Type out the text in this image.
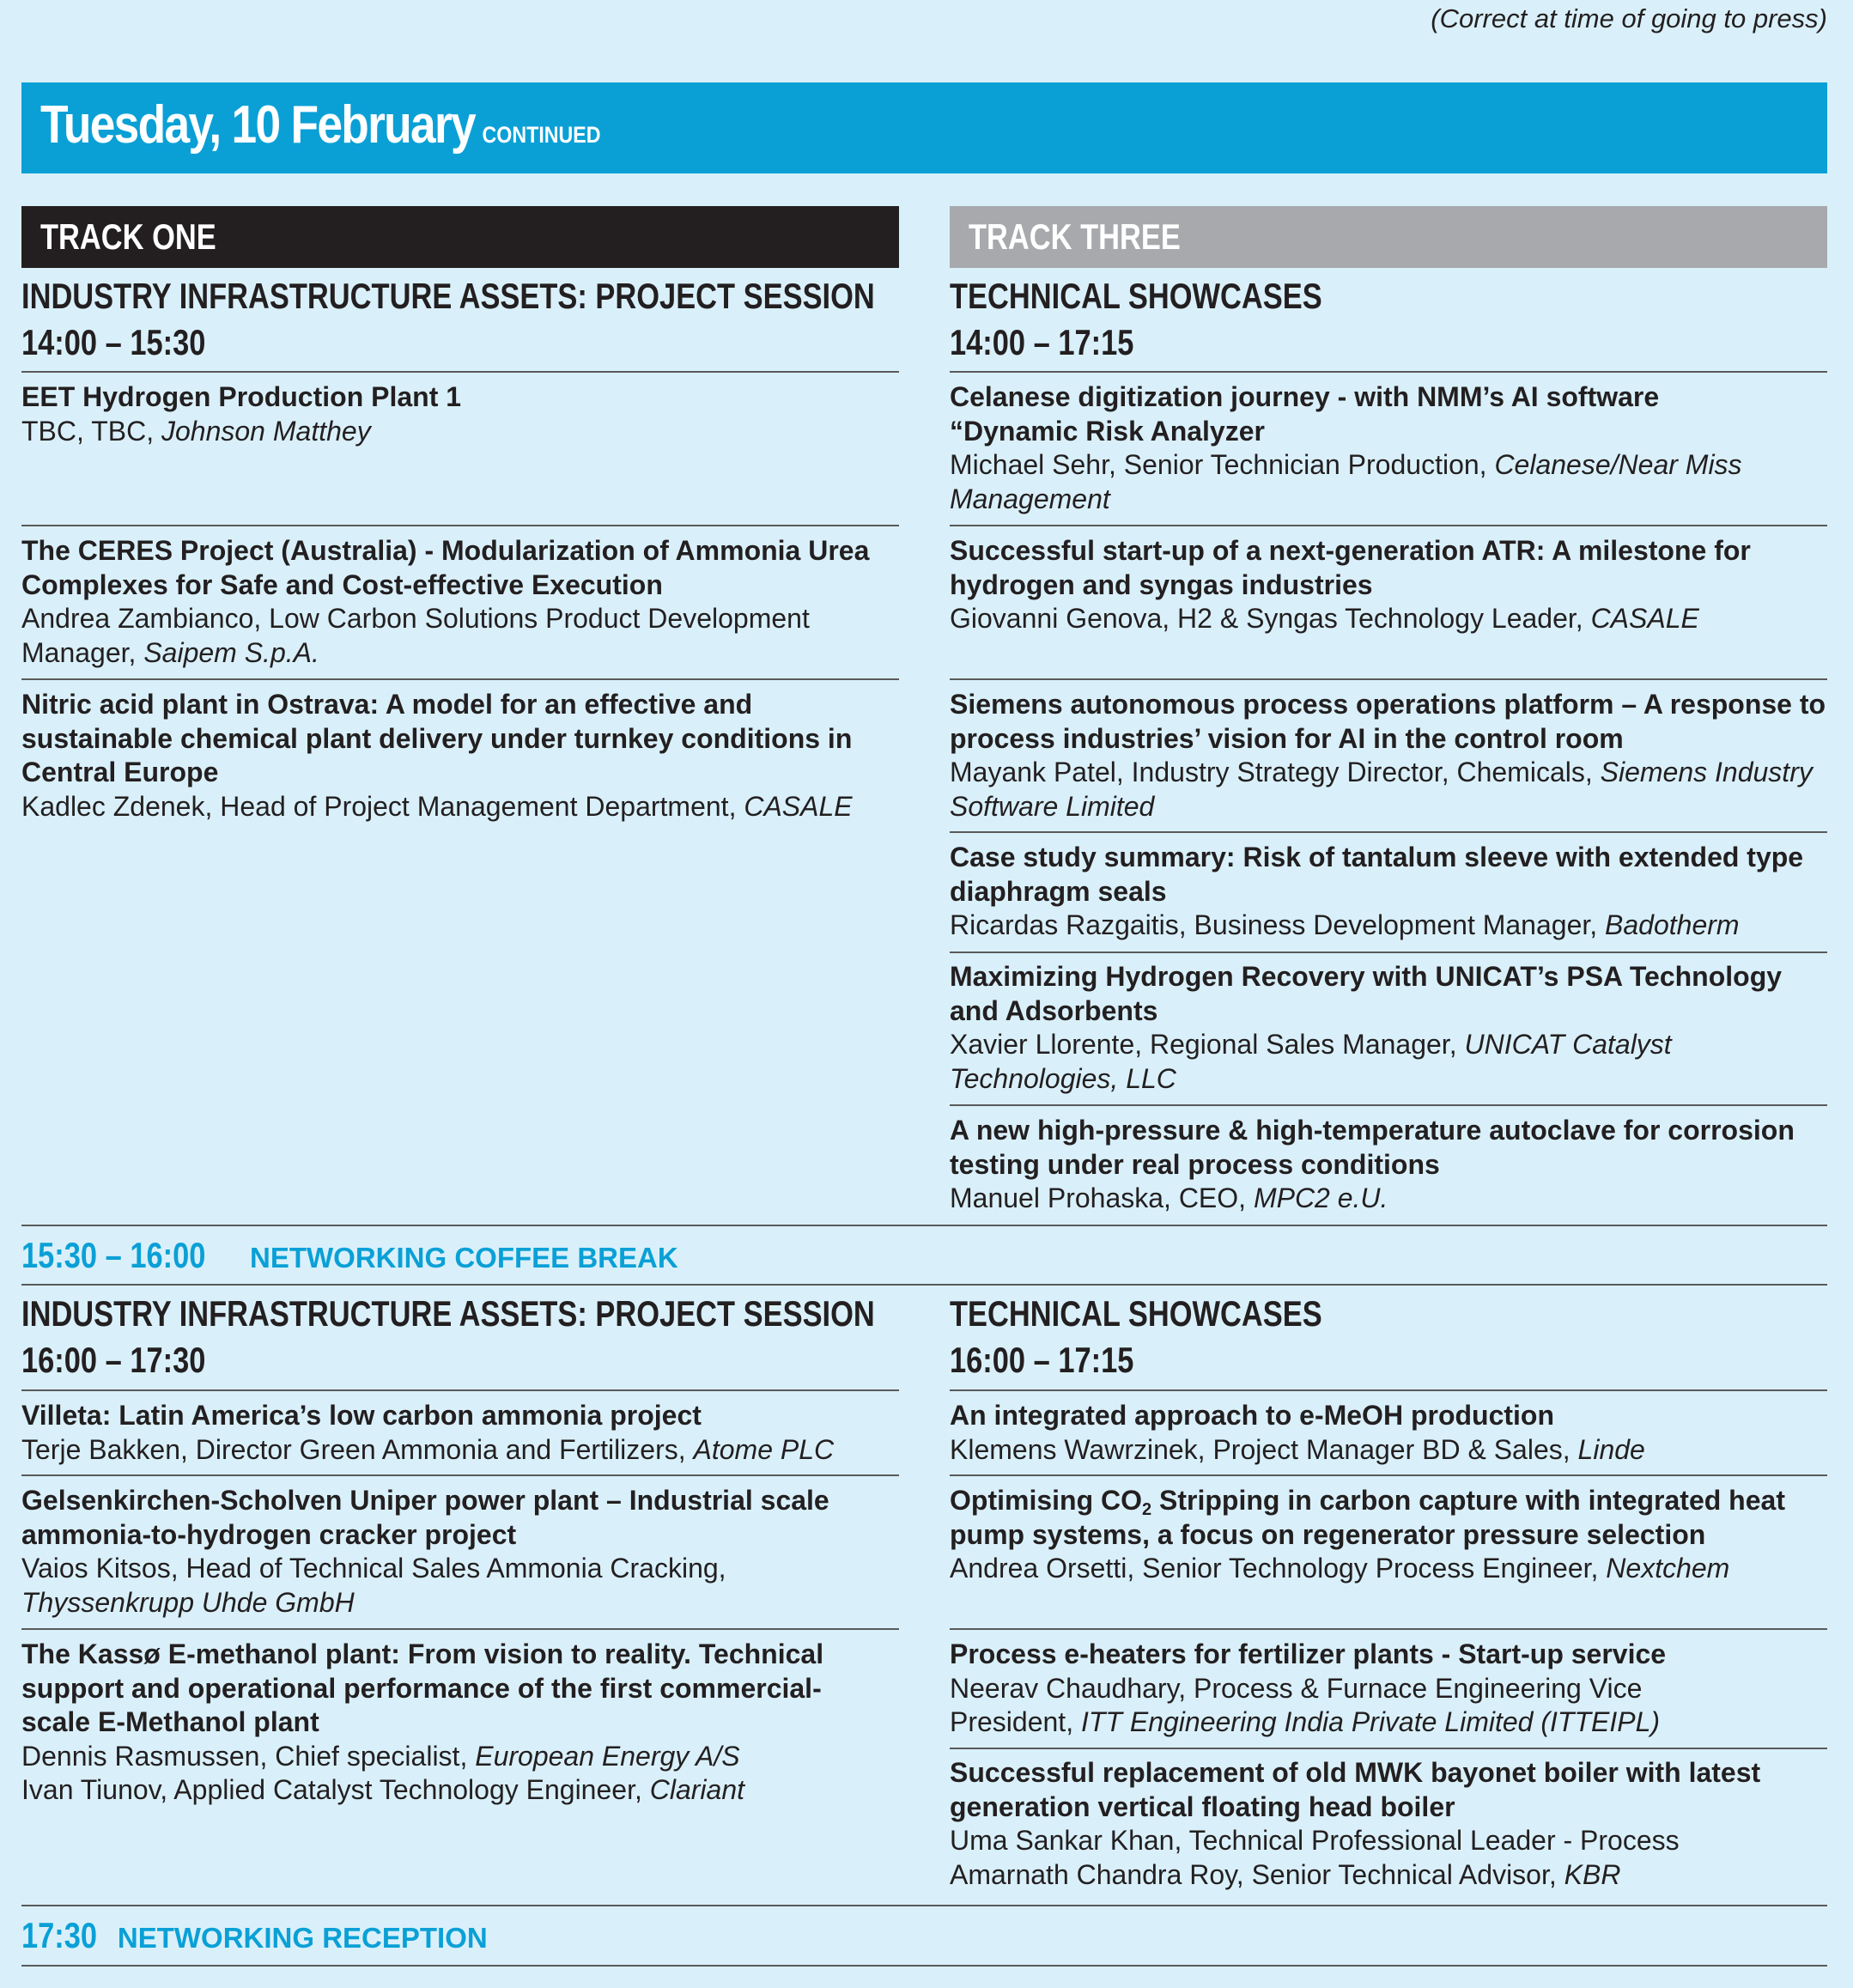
(Correct at time of going to press)
Tuesday, 10 February CONTINUED
TRACK ONE	TRACK THREE
INDUSTRY INFRASTRUCTURE ASSETS: PROJECT SESSION
14:00 – 15:30
EET Hydrogen Production Plant 1
TBC, TBC, Johnson Matthey
The CERES Project (Australia) - Modularization of Ammonia Urea Complexes for Safe and Cost-effective Execution
Andrea Zambianco, Low Carbon Solutions Product Development Manager, Saipem S.p.A.
Nitric acid plant in Ostrava: A model for an effective and sustainable chemical plant delivery under turnkey conditions in Central Europe
Kadlec Zdenek, Head of Project Management Department, CASALE
TECHNICAL SHOWCASES
14:00 – 17:15
Celanese digitization journey - with NMM’s AI software “Dynamic Risk Analyzer
Michael Sehr, Senior Technician Production, Celanese/Near Miss Management
Successful start-up of a next-generation ATR: A milestone for hydrogen and syngas industries
Giovanni Genova, H2 & Syngas Technology Leader, CASALE
Siemens autonomous process operations platform – A response to process industries’ vision for AI in the control room
Mayank Patel, Industry Strategy Director, Chemicals, Siemens Industry Software Limited
Case study summary: Risk of tantalum sleeve with extended type diaphragm seals
Ricardas Razgaitis, Business Development Manager, Badotherm
Maximizing Hydrogen Recovery with UNICAT’s PSA Technology and Adsorbents
Xavier Llorente, Regional Sales Manager, UNICAT Catalyst Technologies, LLC
A new high-pressure & high-temperature autoclave for corrosion testing under real process conditions
Manuel Prohaska, CEO, MPC2 e.U.
15:30 – 16:00 NETWORKING COFFEE BREAK
INDUSTRY INFRASTRUCTURE ASSETS: PROJECT SESSION
16:00 – 17:30
Villeta: Latin America’s low carbon ammonia project
Terje Bakken, Director Green Ammonia and Fertilizers, Atome PLC
Gelsenkirchen-Scholven Uniper power plant – Industrial scale ammonia-to-hydrogen cracker project
Vaios Kitsos, Head of Technical Sales Ammonia Cracking,
Thyssenkrupp Uhde GmbH
The Kassø E-methanol plant: From vision to reality. Technical support and operational performance of the first commercial-scale E-Methanol plant
Dennis Rasmussen, Chief specialist, European Energy A/S
Ivan Tiunov, Applied Catalyst Technology Engineer, Clariant
TECHNICAL SHOWCASES
16:00 – 17:15
An integrated approach to e-MeOH production
Klemens Wawrzinek, Project Manager BD & Sales, Linde
Optimising $CO_2$ Stripping in carbon capture with integrated heat pump systems, a focus on regenerator pressure selection
Andrea Orsetti, Senior Technology Process Engineer, Nextchem
Process e-heaters for fertilizer plants - Start-up service
Neerav Chaudhary, Process & Furnace Engineering Vice President, ITT Engineering India Private Limited (ITTEIPL)
Successful replacement of old MWK bayonet boiler with latest generation vertical floating head boiler
Uma Sankar Khan, Technical Professional Leader - Process
Amarnath Chandra Roy, Senior Technical Advisor, KBR
17:30 NETWORKING RECEPTION
